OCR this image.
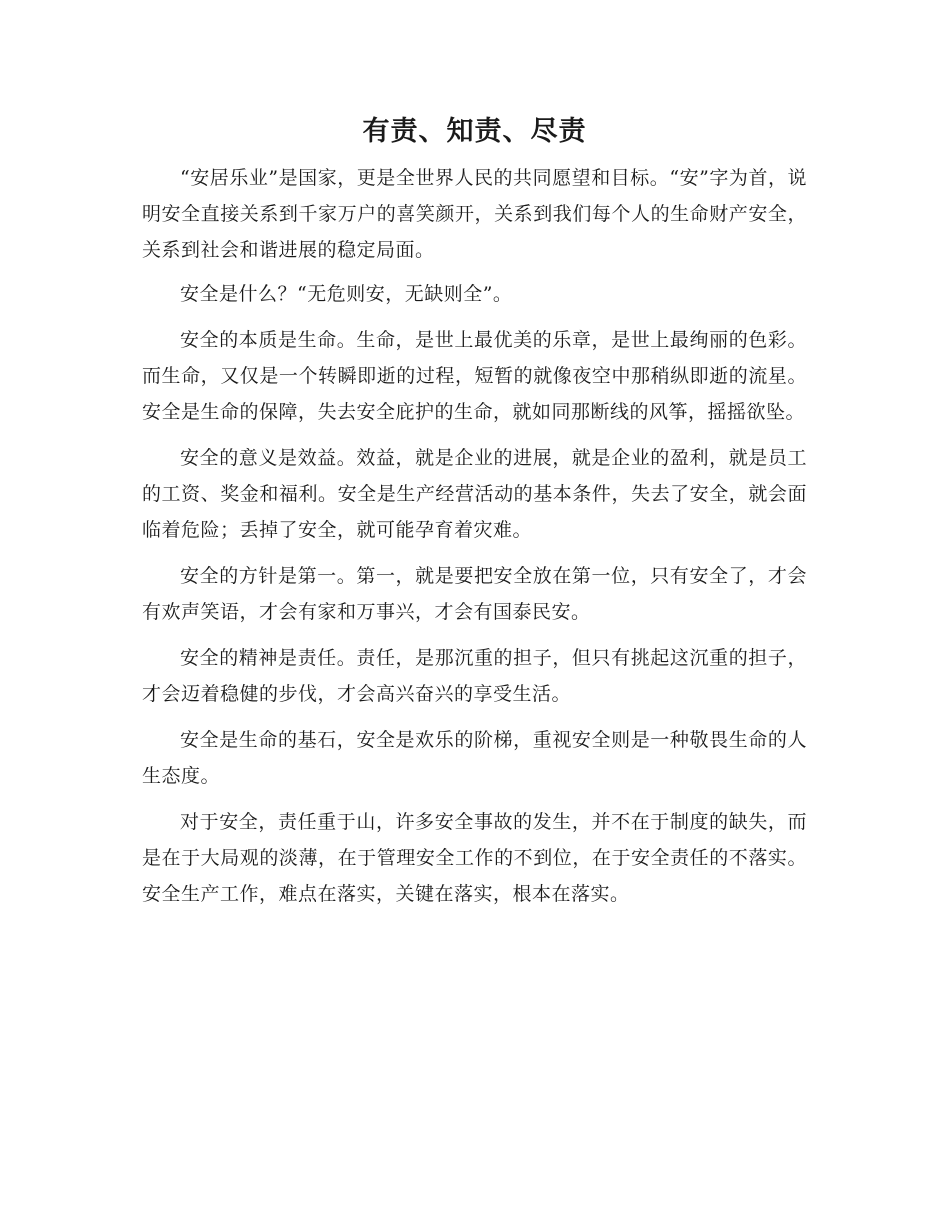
有责、知责、尽责

“安居乐业”是国家，更是全世界人民的共同愿望和目标。“安”字为首，说明安全直接关系到千家万户的喜笑颜开，关系到我们每个人的生命财产安全，关系到社会和谐进展的稳定局面。

安全是什么？“无危则安，无缺则全”。

安全的本质是生命。生命，是世上最优美的乐章，是世上最绚丽的色彩。而生命，又仅是一个转瞬即逝的过程，短暂的就像夜空中那稍纵即逝的流星。安全是生命的保障，失去安全庇护的生命，就如同那断线的风筝，摇摇欲坠。

安全的意义是效益。效益，就是企业的进展，就是企业的盈利，就是员工的工资、奖金和福利。安全是生产经营活动的基本条件，失去了安全，就会面临着危险；丢掉了安全，就可能孕育着灾难。

安全的方针是第一。第一，就是要把安全放在第一位，只有安全了，才会有欢声笑语，才会有家和万事兴，才会有国泰民安。

安全的精神是责任。责任，是那沉重的担子，但只有挑起这沉重的担子，才会迈着稳健的步伐，才会高兴奋兴的享受生活。

安全是生命的基石，安全是欢乐的阶梯，重视安全则是一种敬畏生命的人生态度。

对于安全，责任重于山，许多安全事故的发生，并不在于制度的缺失，而是在于大局观的淡薄，在于管理安全工作的不到位，在于安全责任的不落实。安全生产工作，难点在落实，关键在落实，根本在落实。
